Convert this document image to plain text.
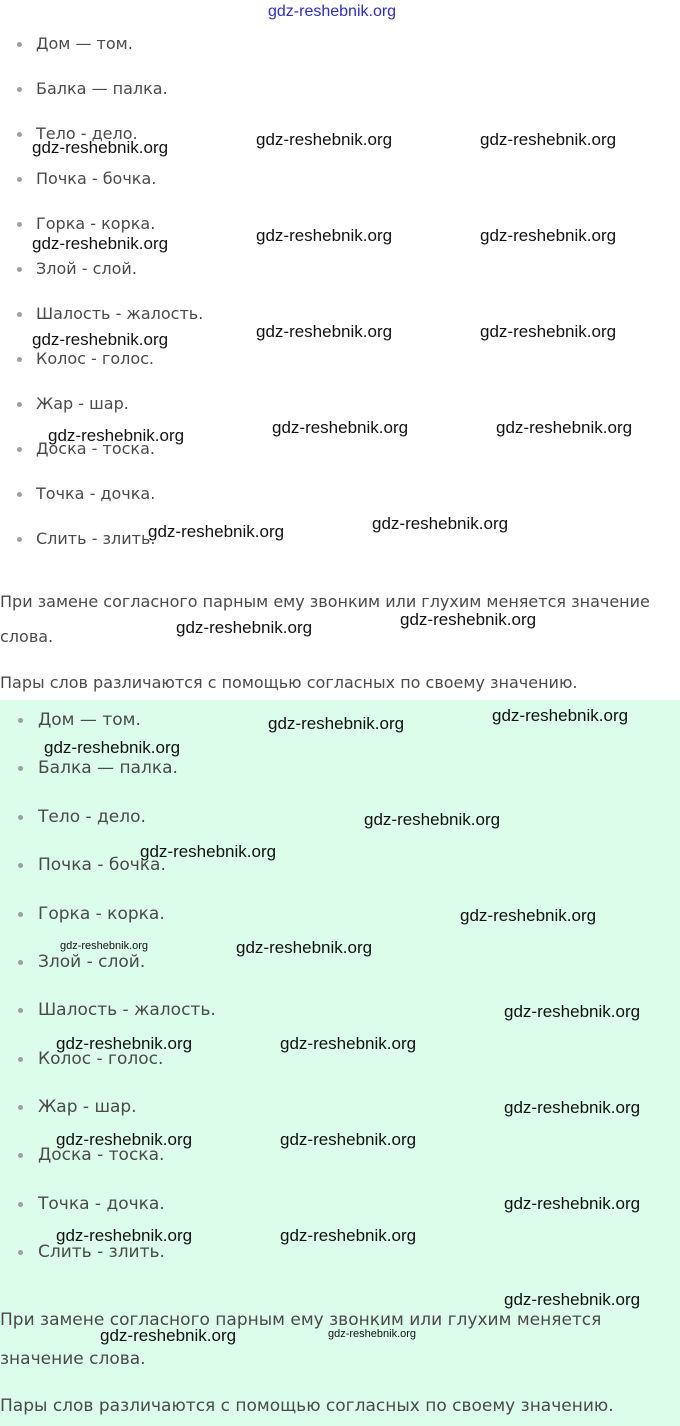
Дом — том.
Балка — палка.
Тело - дело.
Почка - бочка.
Горка - корка.
Злой - слой.
Шалость - жалость.
Колос - голос.
Жар - шар.
Доска - тоска.
Точка - дочка.
Слить - злить.
При замене согласного парным ему звонким или глухим меняется значение
слова.
Пары слов различаются с помощью согласных по своему значению.
Дом — том.
Балка — палка.
Тело - дело.
Почка - бочка.
Горка - корка.
Злой - слой.
Шалость - жалость.
Колос - голос.
Жар - шар.
Доска - тоска.
Точка - дочка.
Слить - злить.
При замене согласного парным ему звонким или глухим меняется
значение слова.
Пары слов различаются с помощью согласных по своему значению.
gdz-reshebnik.org
gdz-reshebnik.org	gdz-reshebnik.org	gdz-reshebnik.org
gdz-reshebnik.org	gdz-reshebnik.org	gdz-reshebnik.org
gdz-reshebnik.org	gdz-reshebnik.org	gdz-reshebnik.org
gdz-reshebnik.org	gdz-reshebnik.org	gdz-reshebnik.org
gdz-reshebnik.org	gdz-reshebnik.org
gdz-reshebnik.org	gdz-reshebnik.org
gdz-reshebnik.org	gdz-reshebnik.org
gdz-reshebnik.org
gdz-reshebnik.org
gdz-reshebnik.org
gdz-reshebnik.org
gdz-reshebnik.org	gdz-reshebnik.org
gdz-reshebnik.org
gdz-reshebnik.org	gdz-reshebnik.org
gdz-reshebnik.org
gdz-reshebnik.org	gdz-reshebnik.org
gdz-reshebnik.org
gdz-reshebnik.org	gdz-reshebnik.org
gdz-reshebnik.org
gdz-reshebnik.org	gdz-reshebnik.org
